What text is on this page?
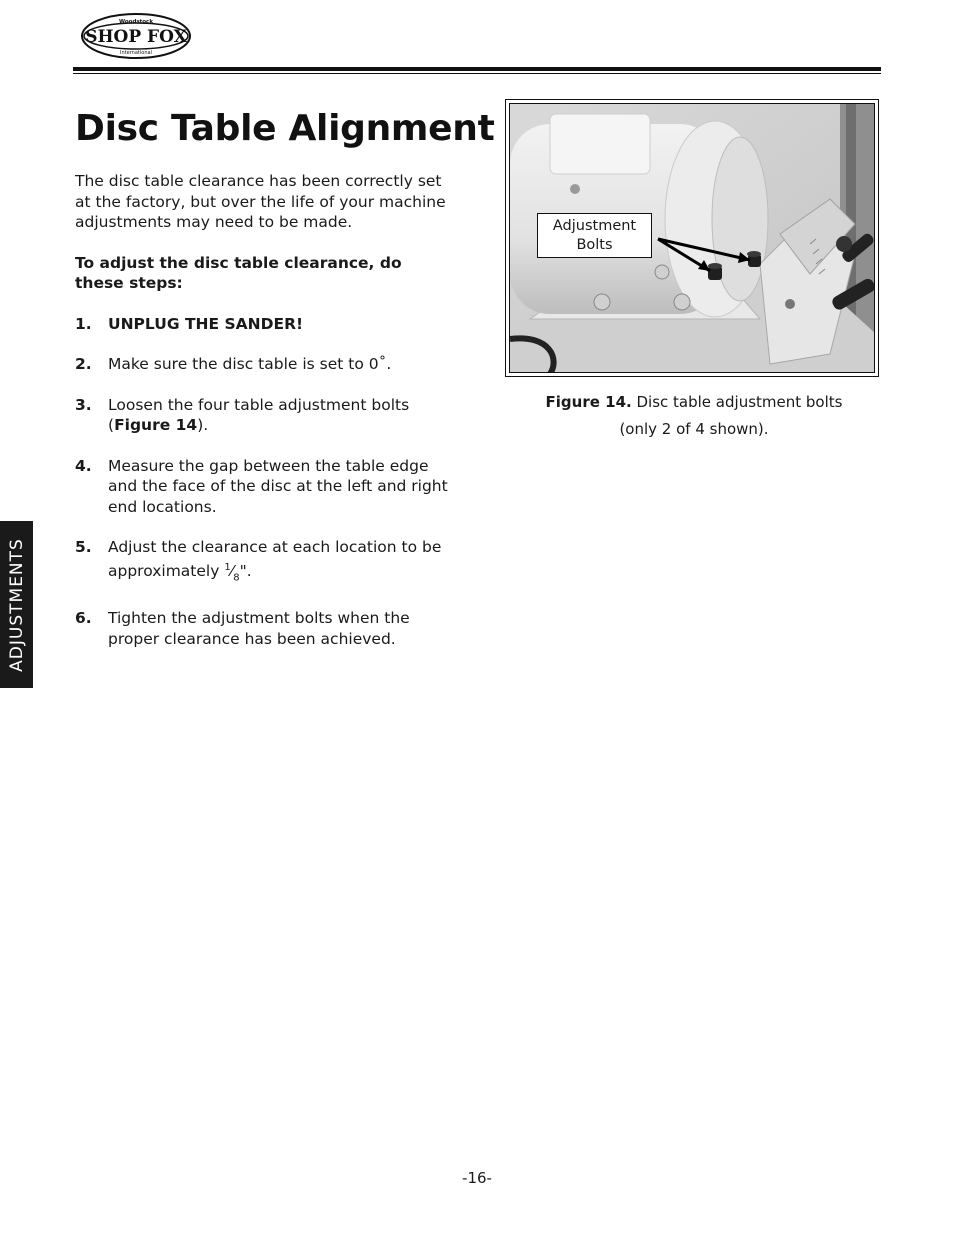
Woodstock
SHOP FOX
International
Disc Table Alignment

The disc table clearance has been correctly set at the factory, but over the life of your machine adjustments may need to be made.

To adjust the disc table clearance, do these steps:

1. UNPLUG THE SANDER!
2. Make sure the disc table is set to 0˚.
3. Loosen the four table adjustment bolts (Figure 14).
4. Measure the gap between the table edge and the face of the disc at the left and right end locations.
5. Adjust the clearance at each location to be approximately $^1⁄_8$".
6. Tighten the adjustment bolts when the proper clearance has been achieved.
ADJUSTMENTS
Adjustment
Bolts
Figure 14. Disc table adjustment bolts
(only 2 of 4 shown).
-16-
